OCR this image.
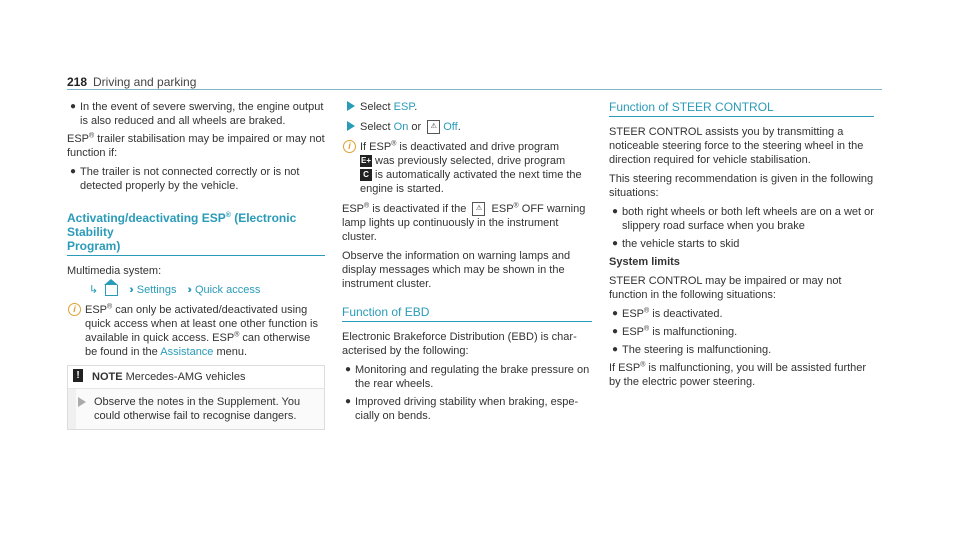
218 Driving and parking
● In the event of severe swerving, the engine output is also reduced and all wheels are braked.

ESP® trailer stabilisation may be impaired or may not function if:

● The trailer is not connected correctly or is not detected properly by the vehicle.
Activating/deactivating ESP® (Electronic Stability
Program)

Multimedia system:

↳	›› Settings ›› Quick access
i ESP® can only be activated/deactivated using quick access when at least one other function is available in quick access. ESP® can otherwise be found in the Assistance menu.
!	NOTE Mercedes-AMG vehicles
Observe the notes in the Supplement. You could otherwise fail to recognise dangers.
Select ESP.
Select On or ⚠ Off.
i If ESP® is deactivated and drive program
E+ was previously selected, drive program
C is automatically activated the next time the engine is started.

ESP® is deactivated if the ⚠ ESP® OFF warning lamp lights up continuously in the instrument cluster.

Observe the information on warning lamps and display messages which may be shown in the instrument cluster.

Function of EBD

Electronic Brakeforce Distribution (EBD) is characterised by the following:

● Monitoring and regulating the brake pressure on the rear wheels.
● Improved driving stability when braking, especially on bends.
Function of STEER CONTROL

STEER CONTROL assists you by transmitting a noticeable steering force to the steering wheel in the direction required for vehicle stabilisation.

This steering recommendation is given in the following situations:

● both right wheels or both left wheels are on a wet or slippery road surface when you brake
● the vehicle starts to skid

System limits

STEER CONTROL may be impaired or may not function in the following situations:

● ESP® is deactivated.
● ESP® is malfunctioning.
● The steering is malfunctioning.

If ESP® is malfunctioning, you will be assisted further by the electric power steering.
